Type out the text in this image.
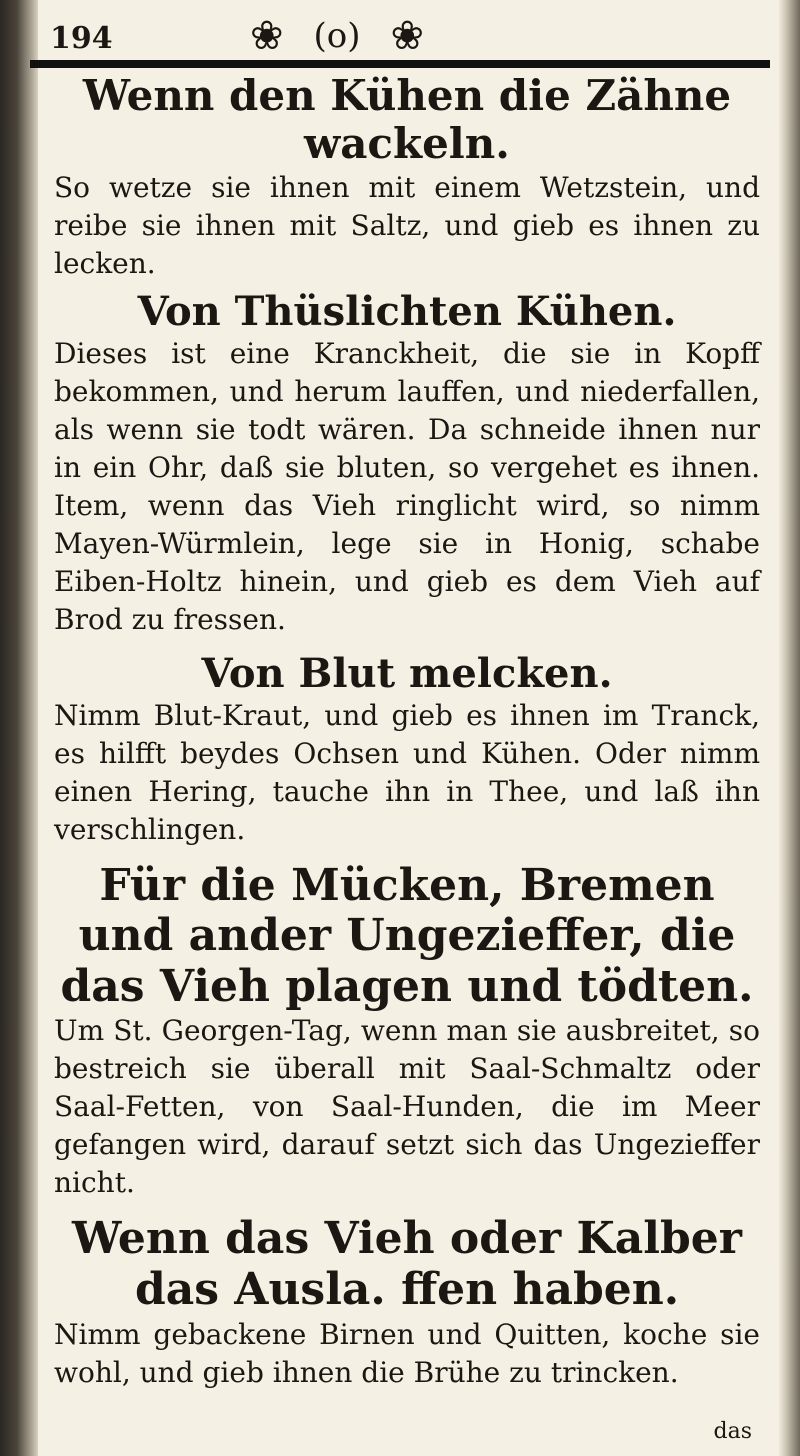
194	❀ (o) ❀
Wenn den Kühen die Zähne wackeln.

So wetze sie ihnen mit einem Wetzstein, und reibe sie ihnen mit Saltz, und gieb es ihnen zu lecken.

Von Thüslichten Kühen.

Dieses ist eine Kranckheit, die sie in Kopff bekommen, und herum lauffen, und niederfallen, als wenn sie todt wären. Da schneide ihnen nur in ein Ohr, daß sie bluten, so vergehet es ihnen. Item, wenn das Vieh ringlicht wird, so nimm Mayen-Würmlein, lege sie in Honig, schabe Eiben-Holtz hinein, und gieb es dem Vieh auf Brod zu fressen.

Von Blut melcken.

Nimm Blut-Kraut, und gieb es ihnen im Tranck, es hilfft beydes Ochsen und Kühen. Oder nimm einen Hering, tauche ihn in Thee, und laß ihn verschlingen.

Für die Mücken, Bremen und ander Ungezieffer, die das Vieh plagen und tödten.

Um St. Georgen-Tag, wenn man sie ausbreitet, so bestreich sie überall mit Saal-Schmaltz oder Saal-Fetten, von Saal-Hunden, die im Meer gefangen wird, darauf setzt sich das Ungezieffer nicht.

Wenn das Vieh oder Kalber das Ausla. ffen haben.

Nimm gebackene Birnen und Quitten, koche sie wohl, und gieb ihnen die Brühe zu trincken.

das
